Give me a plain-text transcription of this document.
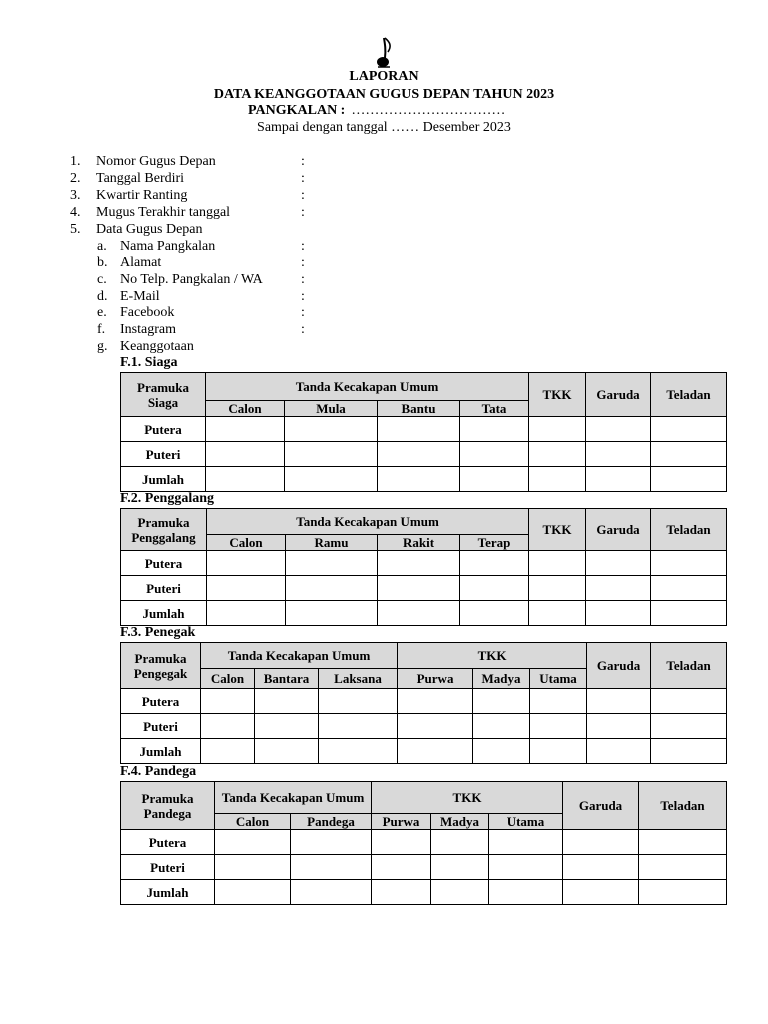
LAPORAN
DATA KEANGGOTAAN GUGUS DEPAN TAHUN 2023
PANGKALAN : ……………………………
Sampai dengan tanggal …… Desember 2023
1. Nomor Gugus Depan	:
2. Tanggal Berdiri	:
3. Kwartir Ranting	:
4. Mugus Terakhir tanggal	:
5. Data Gugus Depan
a. Nama Pangkalan	:
b. Alamat	:
c. No Telp. Pangkalan / WA	:
d. E-Mail	:
e. Facebook	:
f. Instagram	:
g. Keanggotaan
F.1. Siaga
Pramuka Siaga	Tanda Kecakapan Umum				TKK	Garuda	Teladan
	Calon	Mula	Bantu	Tata			
Putera							
Puteri							
Jumlah							
F.2. Penggalang
Pramuka Penggalang	Tanda Kecakapan Umum				TKK	Garuda	Teladan
	Calon	Ramu	Rakit	Terap			
Putera							
Puteri							
Jumlah							
F.3. Penegak
Pramuka Pengegak	Tanda Kecakapan Umum			TKK			Garuda	Teladan
	Calon	Bantara	Laksana	Purwa	Madya	Utama		
Putera								
Puteri								
Jumlah								
F.4. Pandega
Pramuka Pandega	Tanda Kecakapan Umum		TKK			Garuda	Teladan
	Calon	Pandega	Purwa	Madya	Utama		
Putera							
Puteri							
Jumlah							
